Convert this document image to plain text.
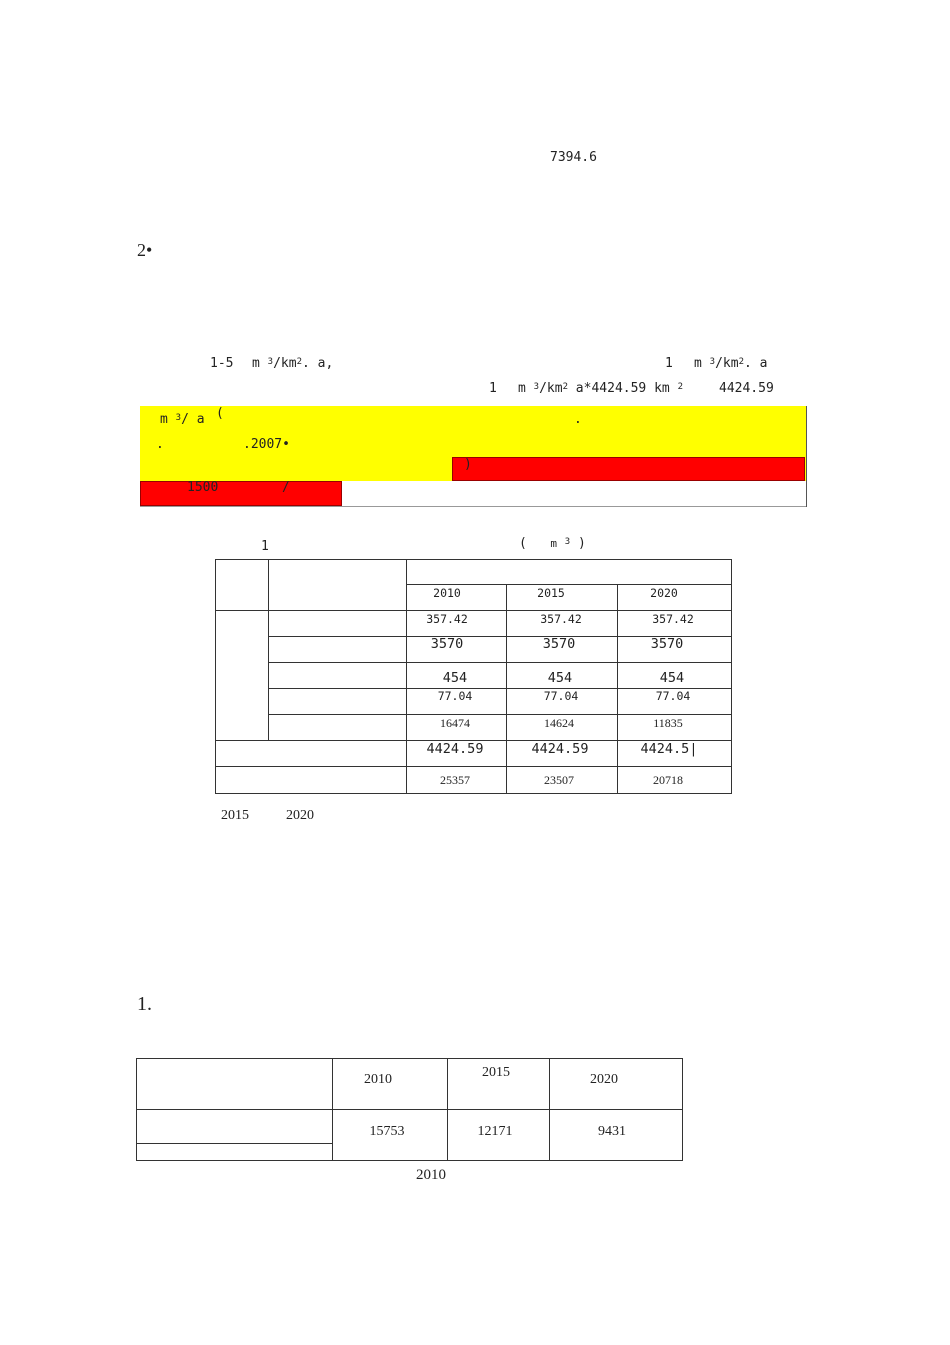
7394.6
2•
1-5 m $^3/km^2$. a,	1 m $^3/km^2$. a
1 m $^3/km^2$ a*4424.59 km $^2$	4424.59
m $^3$/ a (	.
.	.2007•
)
1500	/
1	( m $^3$ )
2010	2015	2020
357.42	357.42	357.42
3570	3570	3570
454	454	454
77.04	77.04	77.04
16474	14624	11835
4424.59	4424.59	4424.5|
25357	23507	20718
2015	2020
1.
2010	2015	2020
15753	12171	9431
2010
